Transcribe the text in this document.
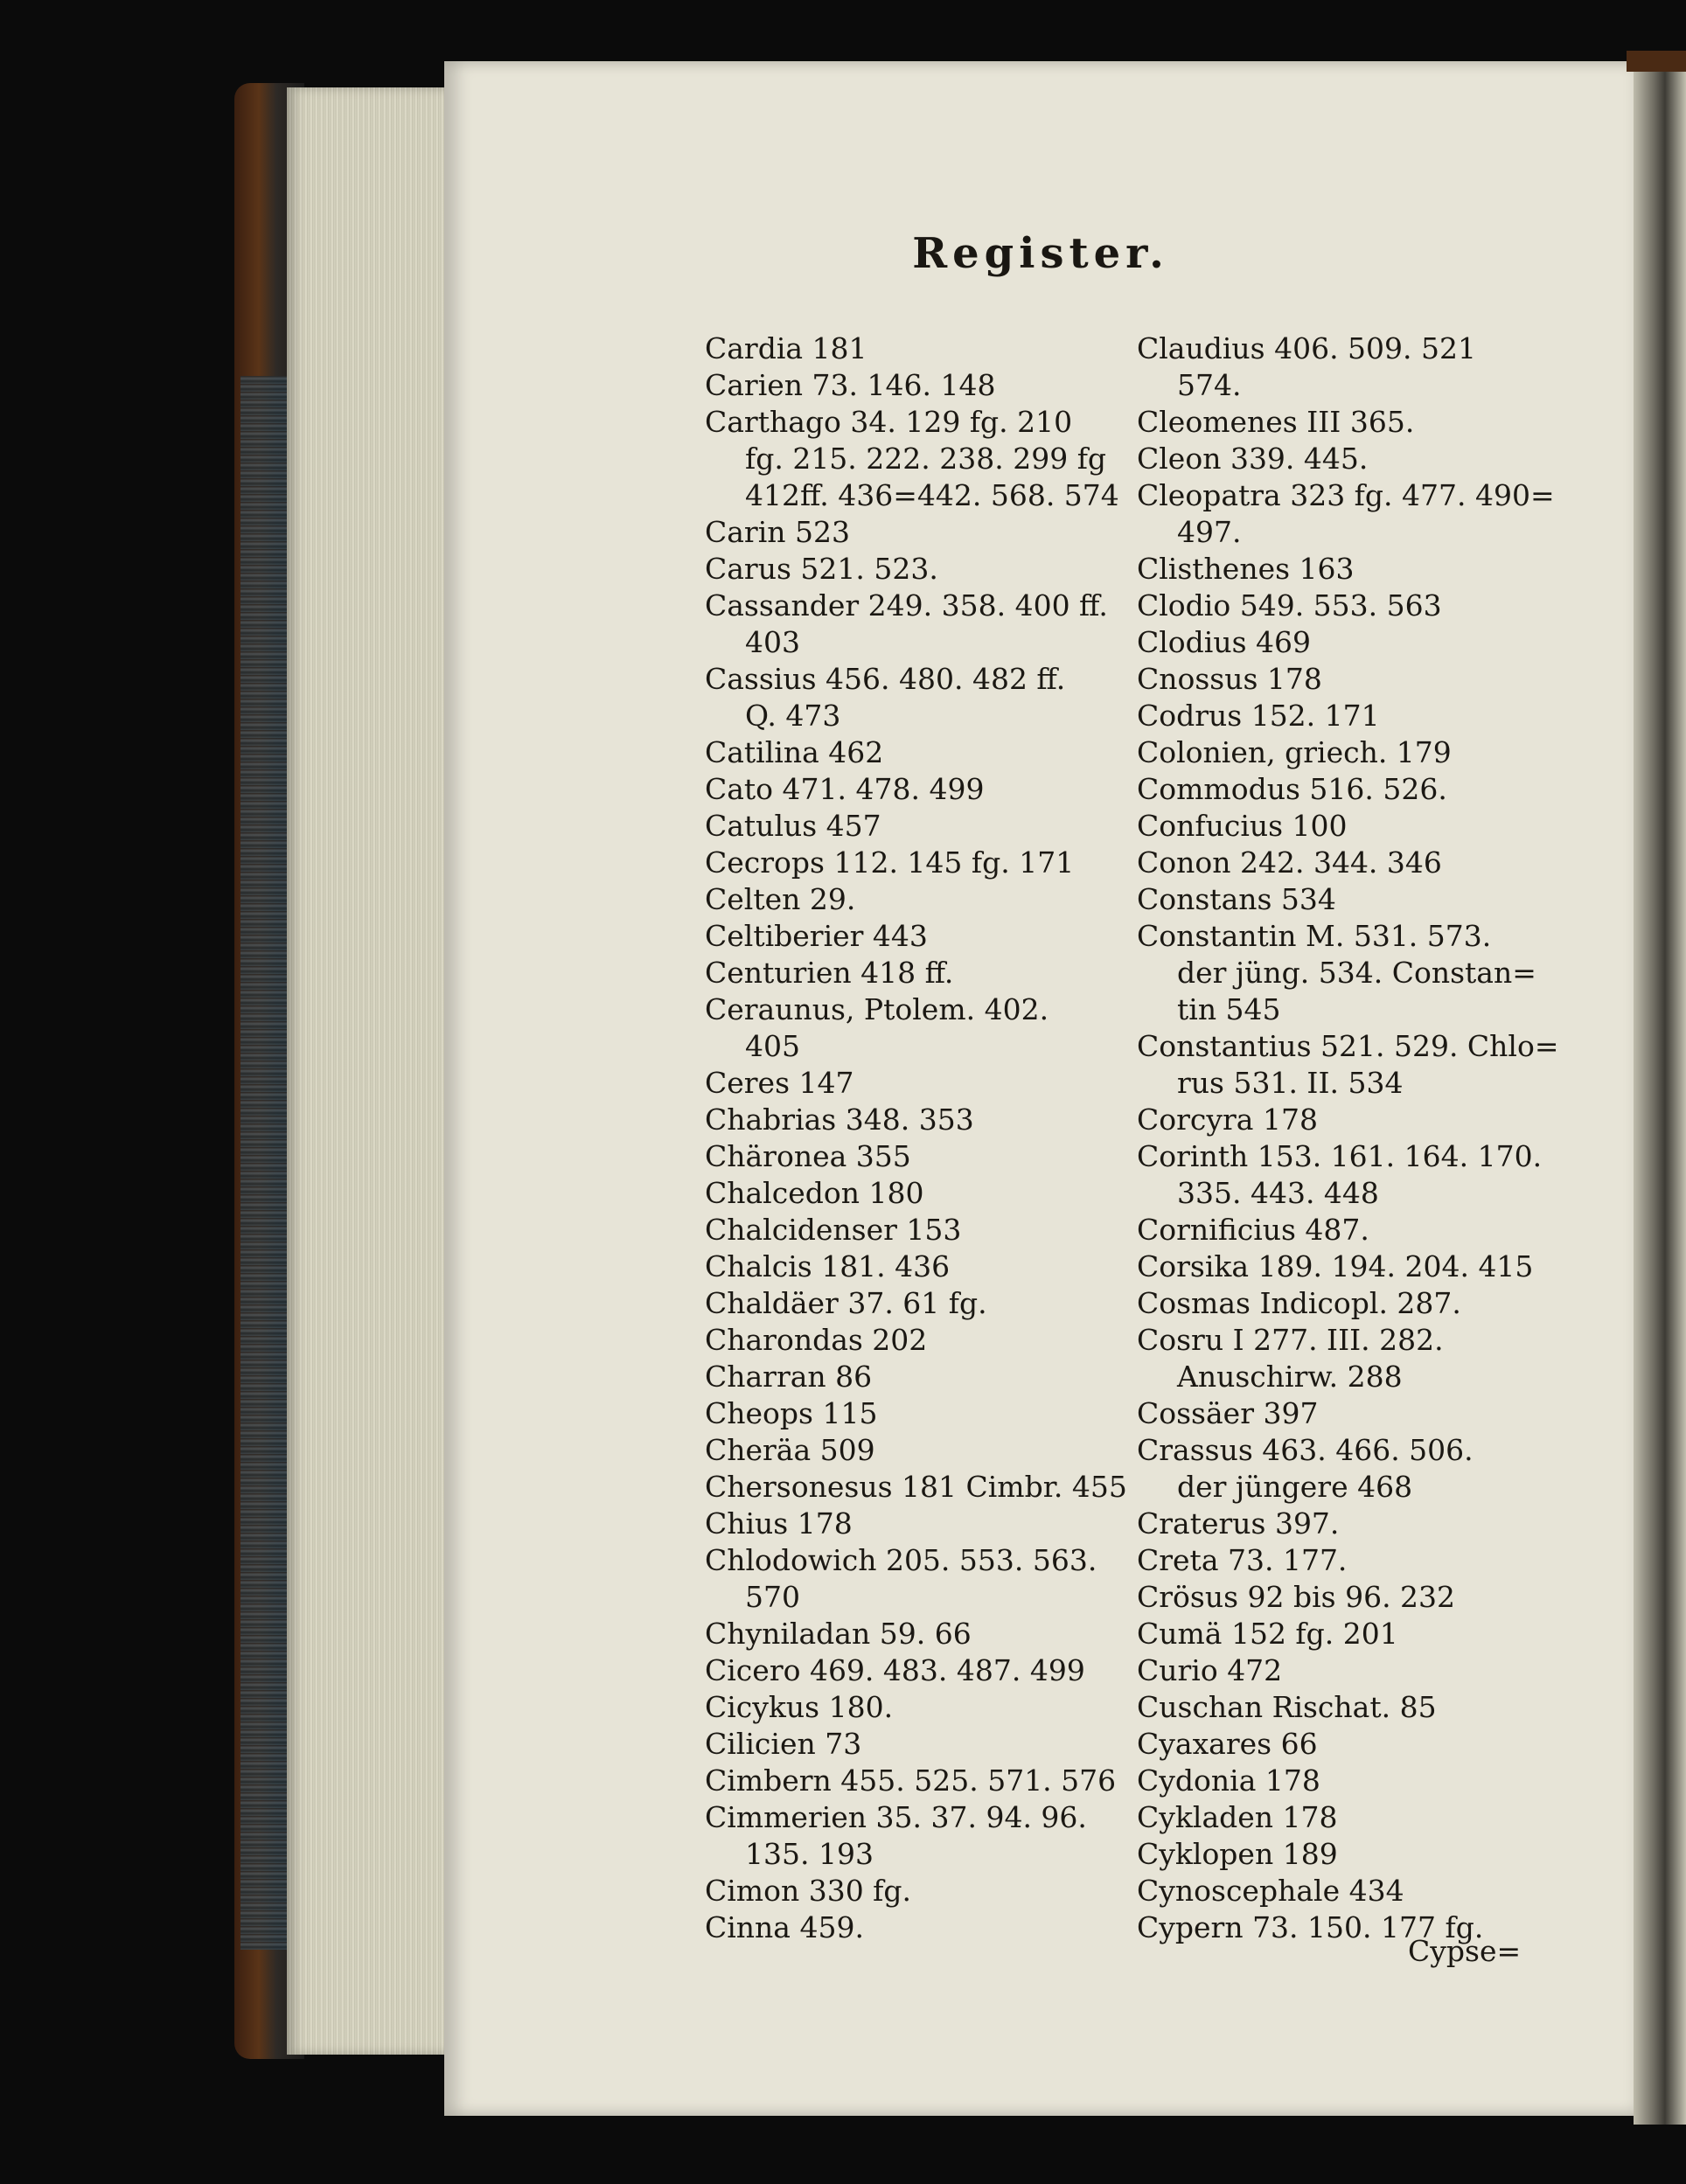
Register.
Cardia 181
Carien 73. 146. 148
Carthago 34. 129 fg. 210
fg. 215. 222. 238. 299 fg
412ff. 436=442. 568. 574
Carin 523
Carus 521. 523.
Cassander 249. 358. 400 ff.
403
Cassius 456. 480. 482 ff.
Q. 473
Catilina 462
Cato 471. 478. 499
Catulus 457
Cecrops 112. 145 fg. 171
Celten 29.
Celtiberier 443
Centurien 418 ff.
Ceraunus, Ptolem. 402.
405
Ceres 147
Chabrias 348. 353
Chäronea 355
Chalcedon 180
Chalcidenser 153
Chalcis 181. 436
Chaldäer 37. 61 fg.
Charondas 202
Charran 86
Cheops 115
Cheräa 509
Chersonesus 181 Cimbr. 455
Chius 178
Chlodowich 205. 553. 563.
570
Chyniladan 59. 66
Cicero 469. 483. 487. 499
Cicykus 180.
Cilicien 73
Cimbern 455. 525. 571. 576
Cimmerien 35. 37. 94. 96.
135. 193
Cimon 330 fg.
Cinna 459.
Claudius 406. 509. 521
574.
Cleomenes III 365.
Cleon 339. 445.
Cleopatra 323 fg. 477. 490=
497.
Clisthenes 163
Clodio 549. 553. 563
Clodius 469
Cnossus 178
Codrus 152. 171
Colonien, griech. 179
Commodus 516. 526.
Confucius 100
Conon 242. 344. 346
Constans 534
Constantin M. 531. 573.
der jüng. 534. Constan=
tin 545
Constantius 521. 529. Chlo=
rus 531. II. 534
Corcyra 178
Corinth 153. 161. 164. 170.
335. 443. 448
Cornificius 487.
Corsika 189. 194. 204. 415
Cosmas Indicopl. 287.
Cosru I 277. III. 282.
Anuschirw. 288
Cossäer 397
Crassus 463. 466. 506.
der jüngere 468
Craterus 397.
Creta 73. 177.
Crösus 92 bis 96. 232
Cumä 152 fg. 201
Curio 472
Cuschan Rischat. 85
Cyaxares 66
Cydonia 178
Cykladen 178
Cyklopen 189
Cynoscephale 434
Cypern 73. 150. 177 fg.
Cypse=
